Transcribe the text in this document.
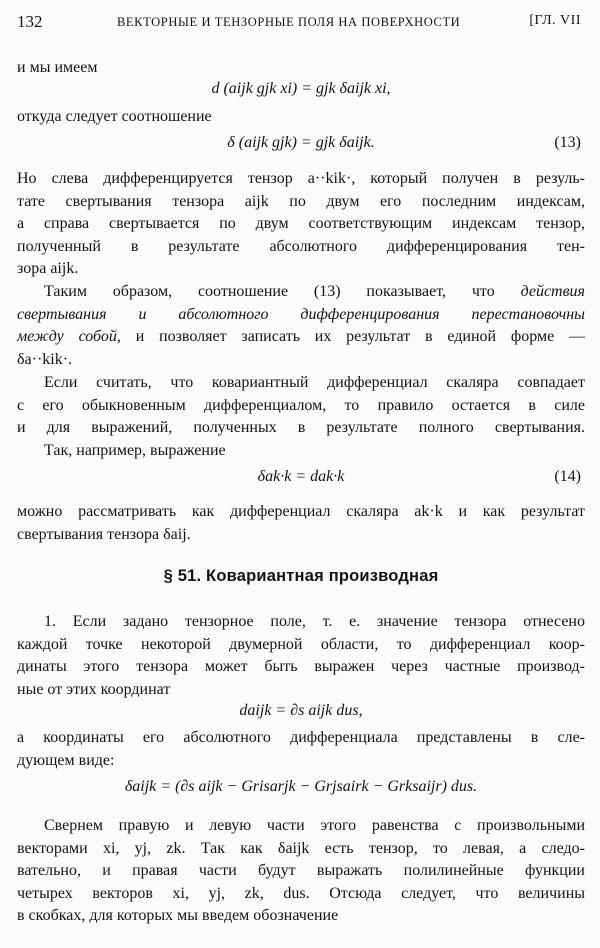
132	ВЕКТОРНЫЕ И ТЕНЗОРНЫЕ ПОЛЯ НА ПОВЕРХНОСТИ	[ГЛ. VII
и мы имеем
d (aijk gjk xi) = gjk δaijk xi,
откуда следует соотношение
δ (aijk gjk) = gjk δaijk.	(13)
Но слева дифференцируется тензор a··kik·, который получен в резуль-
тате свертывания тензора aijk по двум его последним индексам,
а справа свертывается по двум соответствующим индексам тензор,
полученный в результате абсолютного дифференцирования тен-
зора aijk.
Таким образом, соотношение (13) показывает, что действия
свертывания и абсолютного дифференцирования перестановочны
между собой, и позволяет записать их результат в единой форме —
δa··kik·.
Если считать, что ковариантный дифференциал скаляра совпадает
с его обыкновенным дифференциалом, то правило остается в силе
и для выражений, полученных в результате полного свертывания.
Так, например, выражение
δak·k = dak·k	(14)
можно рассматривать как дифференциал скаляра ak·k и как результат
свертывания тензора δaij.
§ 51. Ковариантная производная
1. Если задано тензорное поле, т. е. значение тензора отнесено
каждой точке некоторой двумерной области, то дифференциал коор-
динаты этого тензора может быть выражен через частные производ-
ные от этих координат
daijk = ∂s aijk dus,
а координаты его абсолютного дифференциала представлены в сле-
дующем виде:
δaijk = (∂s aijk − Grisarjk − Grjsairk − Grksaijr) dus.
Свернем правую и левую части этого равенства с произвольными
векторами xi, yj, zk. Так как δaijk есть тензор, то левая, а следо-
вательно, и правая части будут выражать полилинейные функции
четырех векторов xi, yj, zk, dus. Отсюда следует, что величины
в скобках, для которых мы введем обозначение
